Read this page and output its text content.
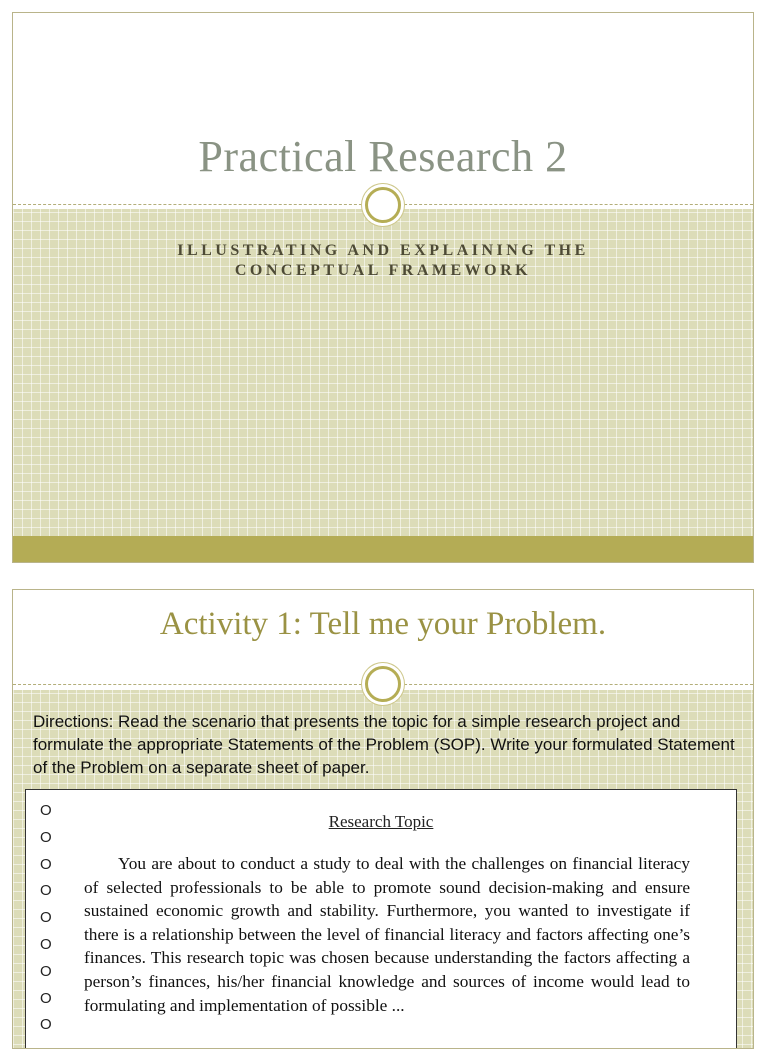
Practical Research 2
ILLUSTRATING AND EXPLAINING THE
CONCEPTUAL FRAMEWORK
Activity 1: Tell me your Problem.
Directions: Read the scenario that presents the topic for a simple research project and formulate the appropriate Statements of the Problem (SOP). Write your formulated Statement of the Problem on a separate sheet of paper.
O
O
O
O
O
O
O
O
O
Research Topic
You are about to conduct a study to deal with the challenges on financial literacy of selected professionals to be able to promote sound decision-making and ensure sustained economic growth and stability. Furthermore, you wanted to investigate if there is a relationship between the level of financial literacy and factors affecting one’s finances. This research topic was chosen because understanding the factors affecting a person’s finances, his/her financial knowledge and sources of income would lead to formulating and implementation of possible ...
